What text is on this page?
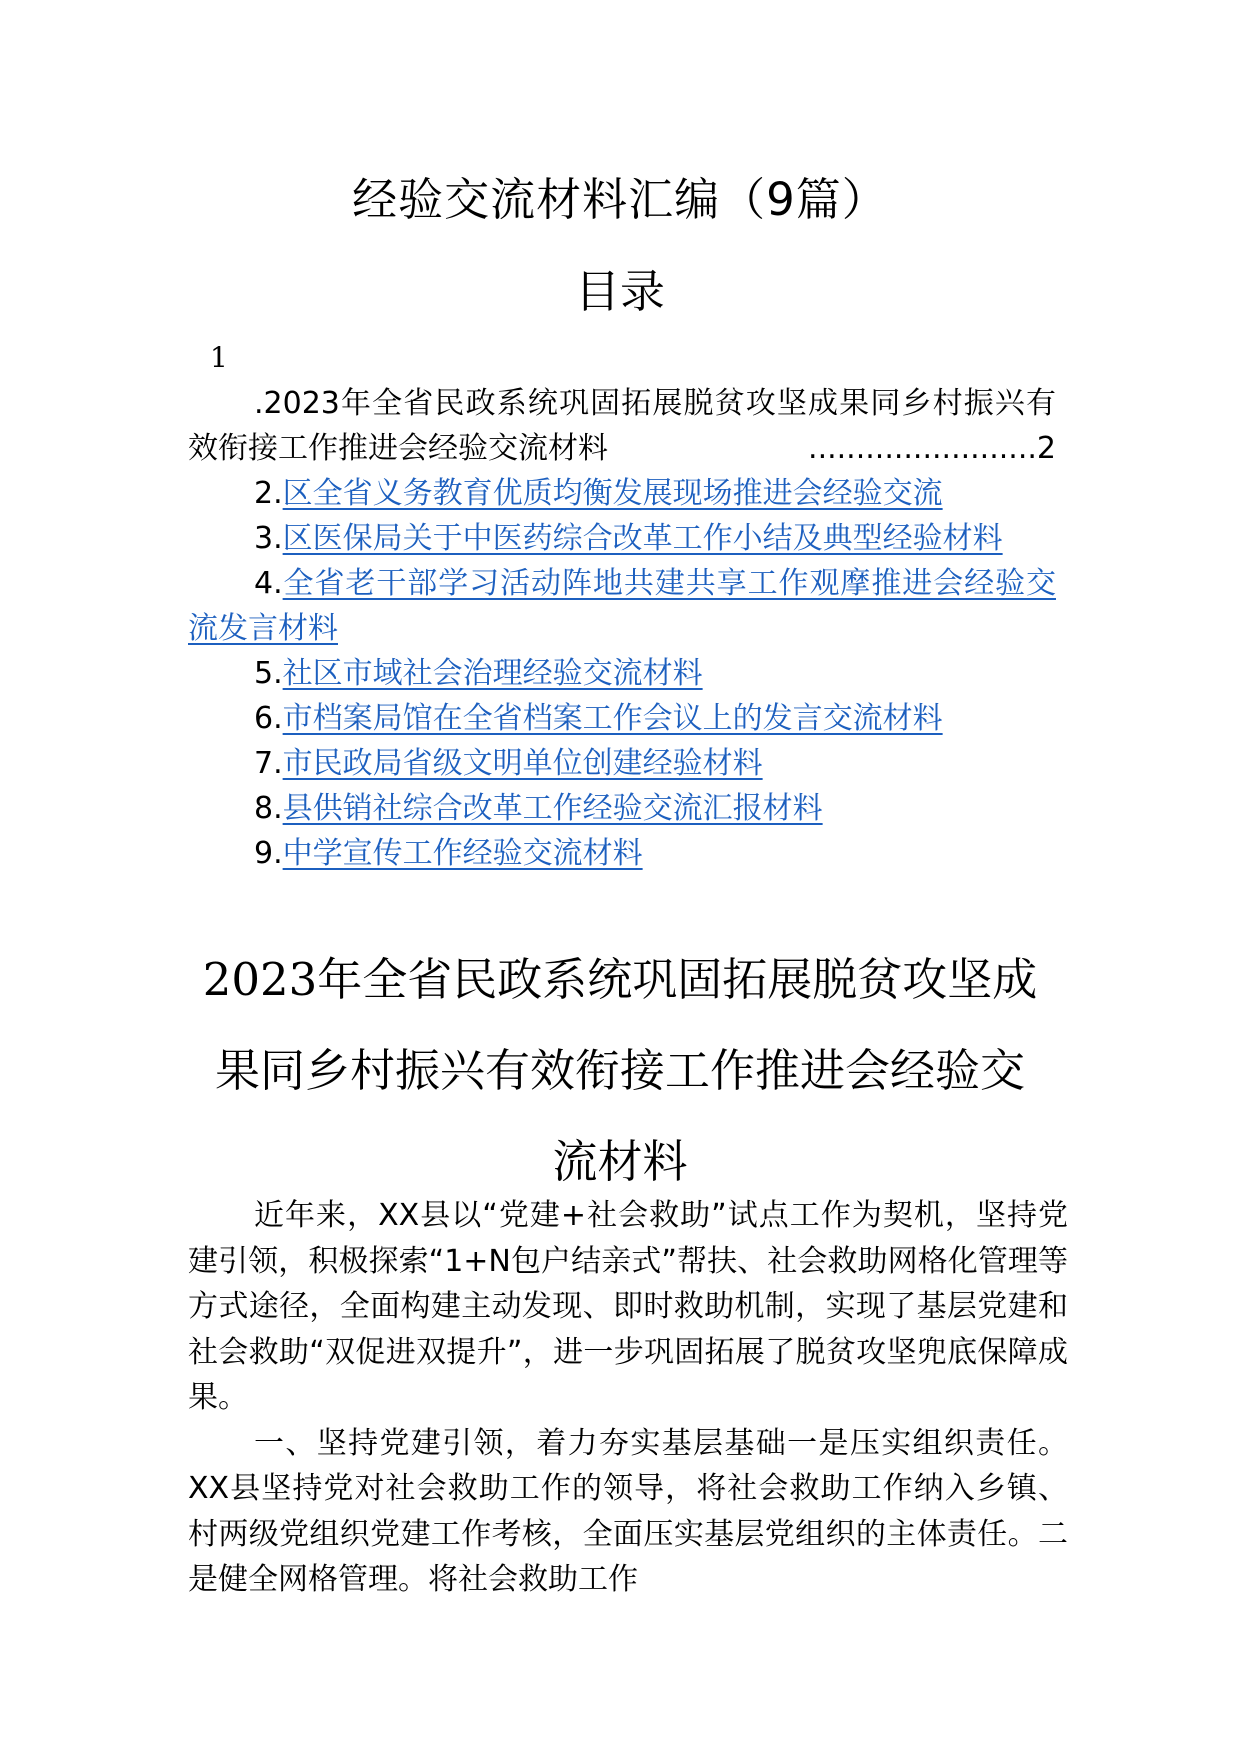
经验交流材料汇编（9篇）
目录
1

.2023年全省民政系统巩固拓展脱贫攻坚成果同乡村振兴有效衔接工作推进会经验交流材料	........................ 2

2.区全省义务教育优质均衡发展现场推进会经验交流

3.区医保局关于中医药综合改革工作小结及典型经验材料

4.全省老干部学习活动阵地共建共享工作观摩推进会经验交流发言材料

5.社区市域社会治理经验交流材料

6.市档案局馆在全省档案工作会议上的发言交流材料

7.市民政局省级文明单位创建经验材料

8.县供销社综合改革工作经验交流汇报材料

9.中学宣传工作经验交流材料

2023年全省民政系统巩固拓展脱贫攻坚成
果同乡村振兴有效衔接工作推进会经验交
流材料

近年来，XX县以“党建+社会救助”试点工作为契机，坚持党建引领，积极探索“1+N包户结亲式”帮扶、社会救助网格化管理等方式途径，全面构建主动发现、即时救助机制，实现了基层党建和社会救助“双促进双提升”，进一步巩固拓展了脱贫攻坚兜底保障成果。

一、坚持党建引领，着力夯实基层基础一是压实组织责任。XX县坚持党对社会救助工作的领导，将社会救助工作纳入乡镇、村两级党组织党建工作考核，全面压实基层党组织的主体责任。二是健全网格管理。将社会救助工作
